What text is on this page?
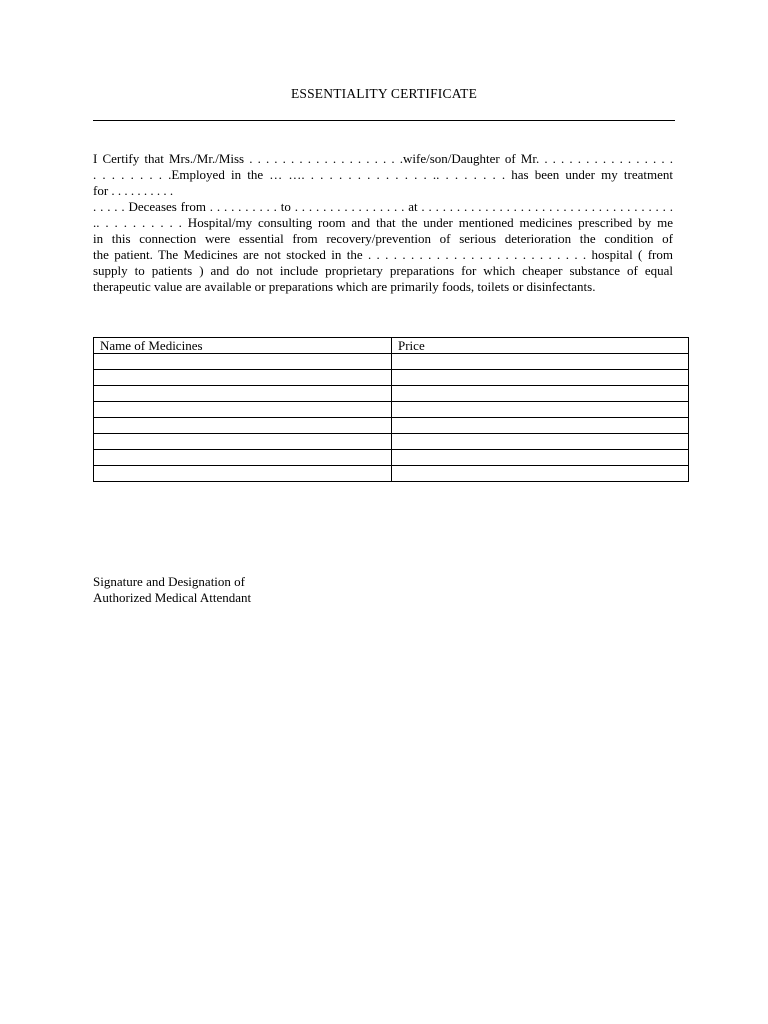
ESSENTIALITY CERTIFICATE
I Certify that Mrs./Mr./Miss . . . . . . . . . . . . . . . . . . .wife/son/Daughter of Mr. . . . . . . . . . . . . . . . .
. . . . . . . . .Employed in the … …. . . . . . . . . . . . . . .. . . . . . . . has been under my treatment
for . . . . . . . . . .
. . . . . Deceases from . . . . . . . . . . to . . . . . . . . . . . . . . . . at . . . . . . . . . . . . . . . . . . . . . . . . . . . . . . . . . . . .
.. . . . . . . . . . Hospital/my consulting room and that the under mentioned medicines prescribed by me
in this connection were essential from recovery/prevention of serious deterioration the condition of
the patient. The Medicines are not stocked in the . . . . . . . . . . . . . . . . . . . . . . . . . . hospital ( from
supply to patients ) and do not include proprietary preparations for which cheaper substance of equal
therapeutic value are available or preparations which are primarily foods, toilets or disinfectants.
Name of Medicines	Price

Signature and Designation of
Authorized Medical Attendant
